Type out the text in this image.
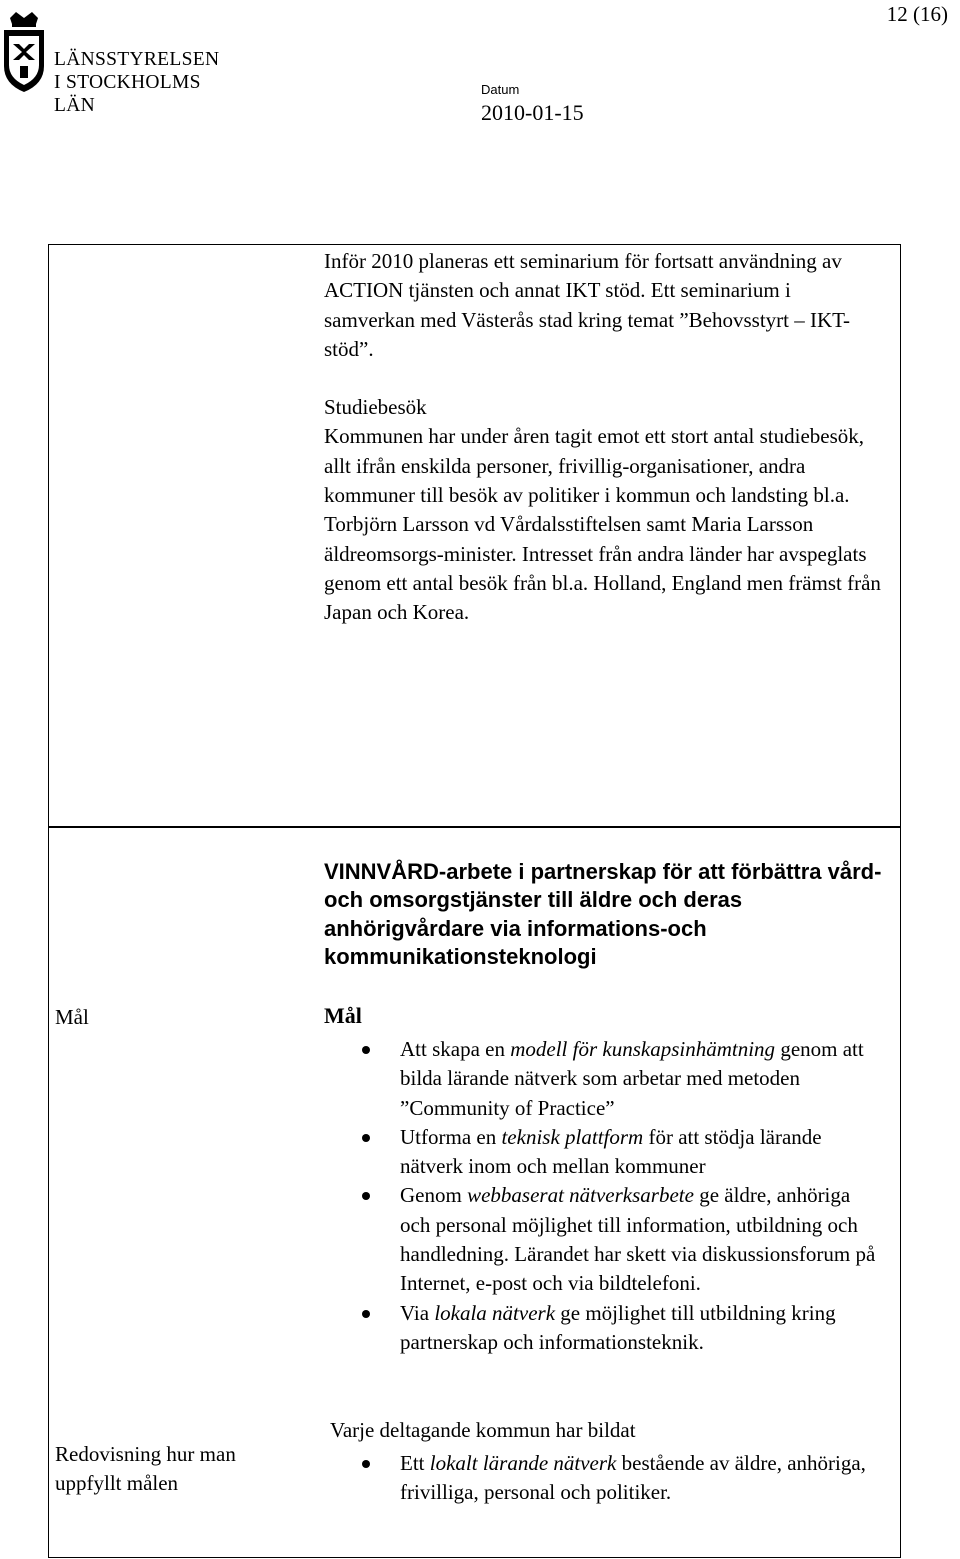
12 (16)
LÄNSSTYRELSEN
I STOCKHOLMS LÄN
Datum
2010-01-15

Inför 2010 planeras ett seminarium för fortsatt användning av ACTION tjänsten och annat IKT stöd. Ett seminarium i samverkan med Västerås stad kring temat ”Behovsstyrt – IKT-stöd”.

Studiebesök

Kommunen har under åren tagit emot ett stort antal studiebesök, allt ifrån enskilda personer, frivillig-organisationer, andra kommuner till besök av politiker i kommun och landsting bl.a. Torbjörn Larsson vd Vårdalsstiftelsen samt Maria Larsson äldreomsorgs-minister. Intresset från andra länder har avspeglats genom ett antal besök från bl.a. Holland, England men främst från Japan och Korea.

VINNVÅRD-arbete i partnerskap för att förbättra vård-och omsorgstjänster till äldre och deras anhörigvårdare via informations-och kommunikationsteknologi
Mål	Mål
Att skapa en modell för kunskapsinhämtning genom att bilda lärande nätverk som arbetar med metoden ”Community of Practice”
Utforma en teknisk plattform för att stödja lärande nätverk inom och mellan kommuner
Genom webbaserat nätverksarbete ge äldre, anhöriga och personal möjlighet till information, utbildning och handledning. Lärandet har skett via diskussionsforum på Internet, e-post och via bildtelefoni.
Via lokala nätverk ge möjlighet till utbildning kring partnerskap och informationsteknik.
Redovisning hur man uppfyllt målen
Varje deltagande kommun har bildat
Ett lokalt lärande nätverk bestående av äldre, anhöriga, frivilliga, personal och politiker.
